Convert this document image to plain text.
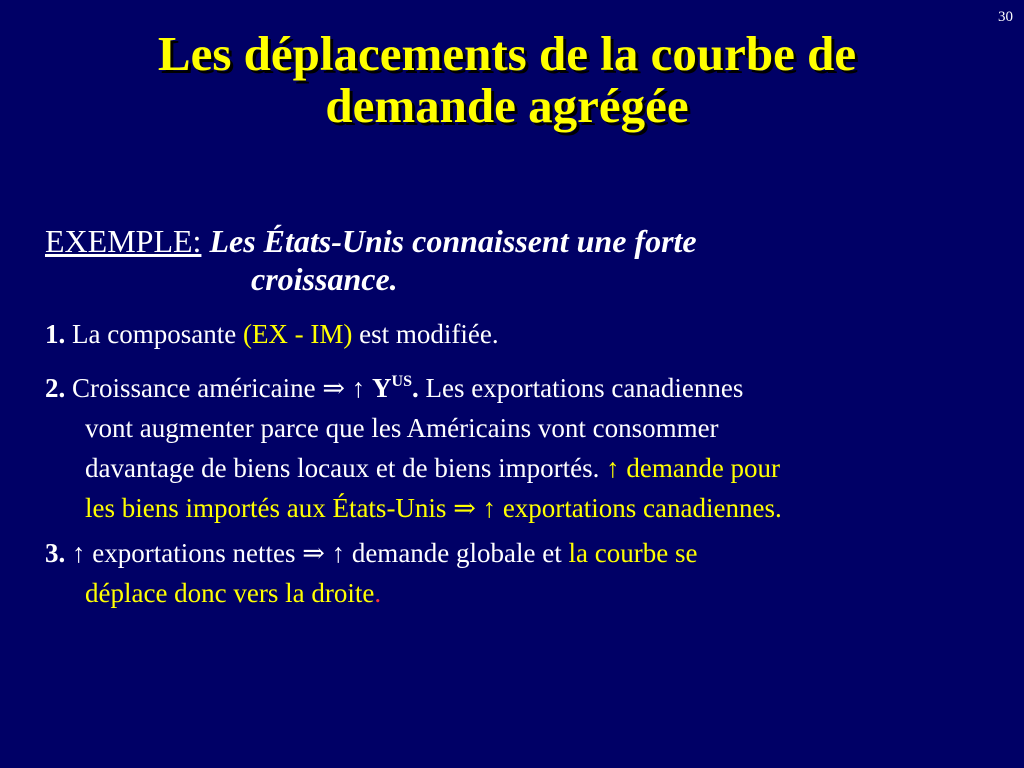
30
Les déplacements de la courbe de
demande agrégée
EXEMPLE: Les États-Unis connaissent une forte
croissance.
1. La composante (EX - IM) est modifiée.
2. Croissance américaine ⇒ ↑ $Y^{US}$. Les exportations canadiennes
vont augmenter parce que les Américains vont consommer
davantage de biens locaux et de biens importés. ↑ demande pour
les biens importés aux États-Unis ⇒ ↑ exportations canadiennes.
3. ↑ exportations nettes ⇒ ↑ demande globale et la courbe se
déplace donc vers la droite.
